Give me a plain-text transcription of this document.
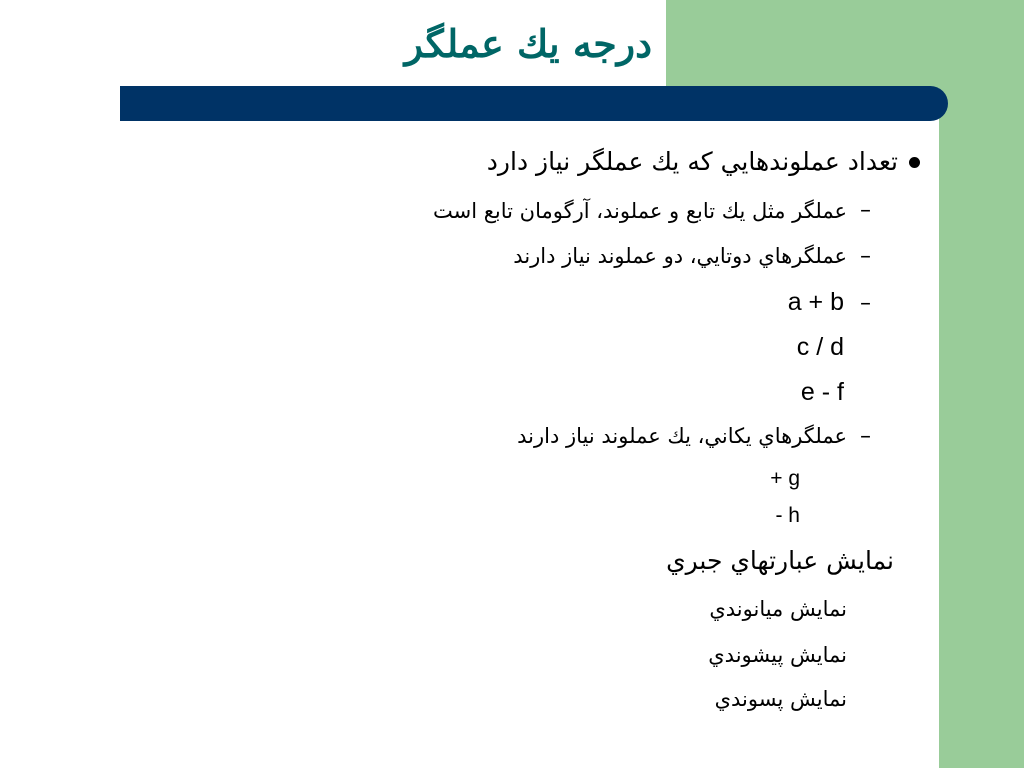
درجه يك عملگر
تعداد عملوندهايي كه يك عملگر نياز دارد
–
عملگر مثل يك تابع و عملوند، آرگومان تابع است
–
عملگرهاي دوتايي، دو عملوند نياز دارند
–
a + b
c / d
e - f
–
عملگرهاي يكاني، يك عملوند نياز دارند
+ g
- h
نمايش عبارتهاي جبري
نمايش ميانوندي
نمايش پيشوندي
نمايش پسوندي
